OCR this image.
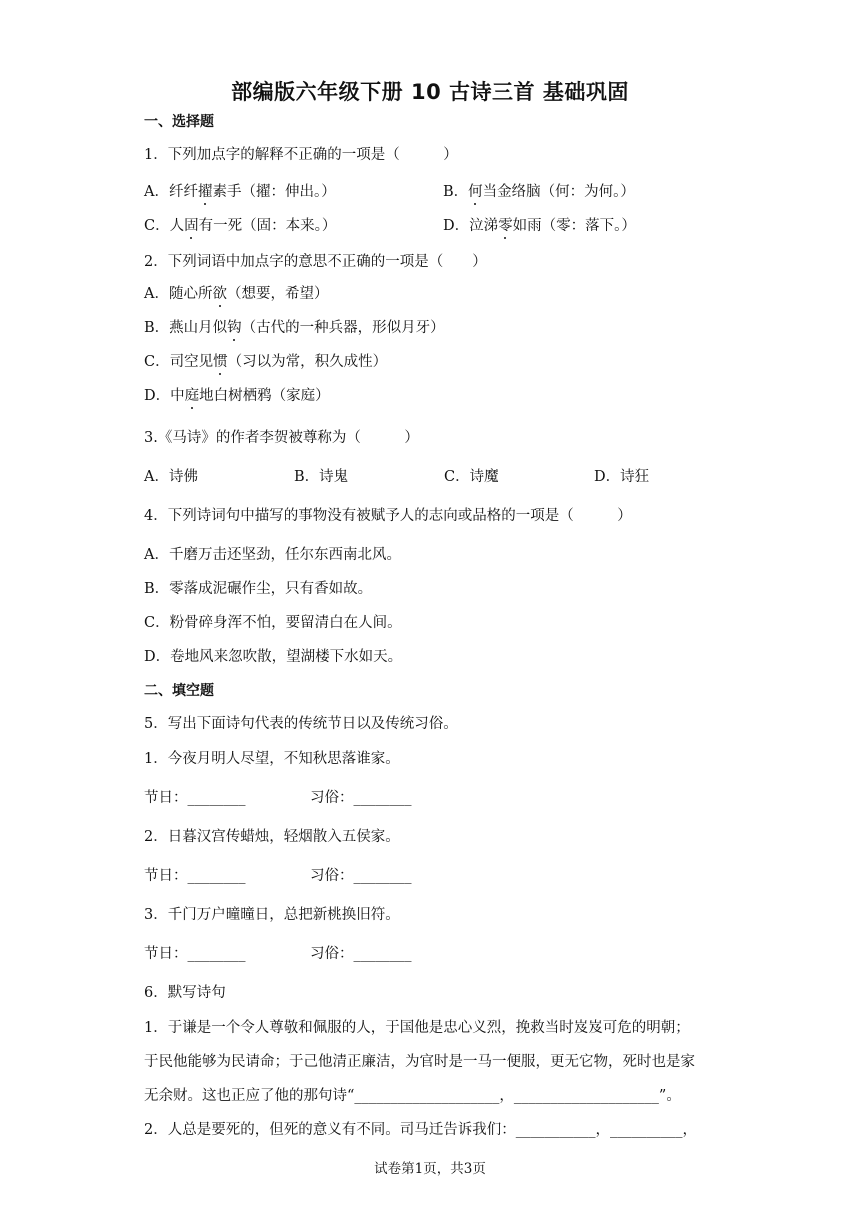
部编版六年级下册 10 古诗三首 基础巩固
一、选择题
1．下列加点字的解释不正确的一项是（　　　）
A．纤纤擢素手（擢：伸出。）	B．何当金络脑（何：为何。）
C．人固有一死（固：本来。）	D．泣涕零如雨（零：落下。）
2．下列词语中加点字的意思不正确的一项是（　　）
A．随心所欲（想要，希望）
B．燕山月似钩（古代的一种兵器，形似月牙）
C．司空见惯（习以为常，积久成性）
D．中庭地白树栖鸦（家庭）
3.《马诗》的作者李贺被尊称为（　　　）
A．诗佛	B．诗鬼	C．诗魔	D．诗狂
4．下列诗词句中描写的事物没有被赋予人的志向或品格的一项是（　　　）
A．千磨万击还坚劲，任尔东西南北风。
B．零落成泥碾作尘，只有香如故。
C．粉骨碎身浑不怕，要留清白在人间。
D．卷地风来忽吹散，望湖楼下水如天。
二、填空题
5．写出下面诗句代表的传统节日以及传统习俗。
1．今夜月明人尽望，不知秋思落谁家。
节日：________	习俗：________
2．日暮汉宫传蜡烛，轻烟散入五侯家。
节日：________	习俗：________
3．千门万户曈曈日，总把新桃换旧符。
节日：________	习俗：________
6．默写诗句
1．于谦是一个令人尊敬和佩服的人，于国他是忠心义烈，挽救当时岌岌可危的明朝；
于民他能够为民请命；于己他清正廉洁，为官时是一马一便服，更无它物，死时也是家
无余财。这也正应了他的那句诗“____________________，____________________”。
2．人总是要死的，但死的意义有不同。司马迁告诉我们：___________，__________，
试卷第1页，共3页
